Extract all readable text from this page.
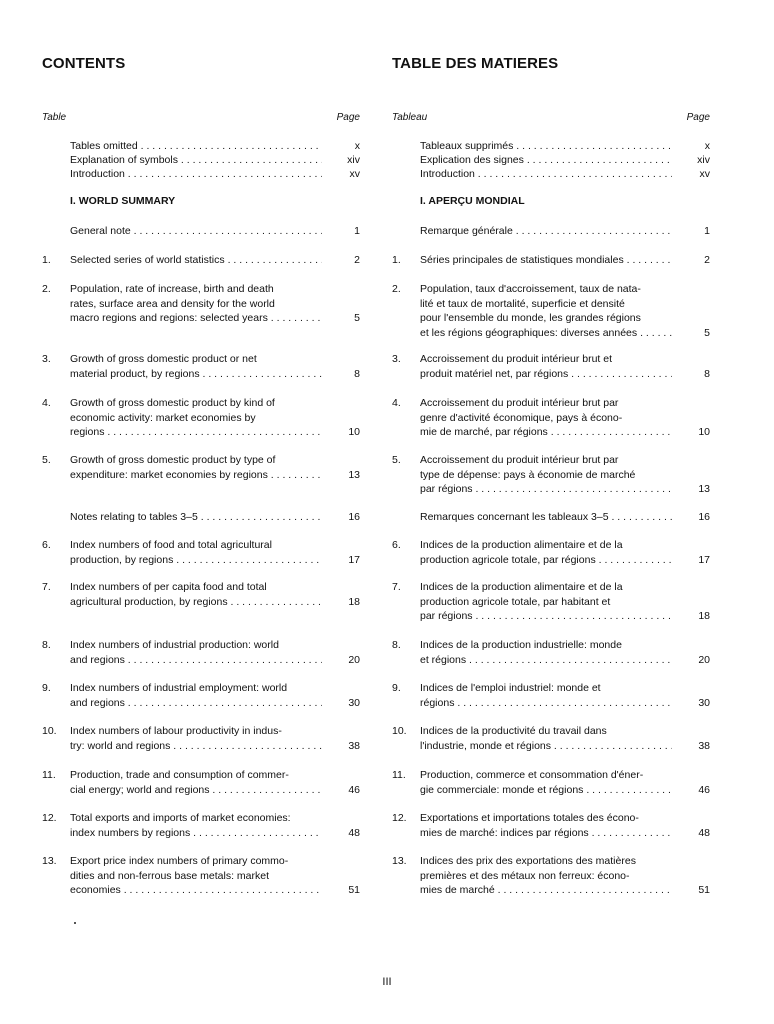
CONTENTS
Table	Page
Tables omitted . . .	x
Explanation of symbols . . .	xiv
Introduction . . .	xv
I. WORLD SUMMARY
General note . . .	1
1. Selected series of world statistics . . .	2
2. Population, rate of increase, birth and death
rates, surface area and density for the world
macro regions and regions: selected years . . .	5
3. Growth of gross domestic product or net
material product, by regions . . .	8
4. Growth of gross domestic product by kind of
economic activity: market economies by
regions . . .	10
5. Growth of gross domestic product by type of
expenditure: market economies by regions . . .	13
Notes relating to tables 3–5 . . .	16
6. Index numbers of food and total agricultural
production, by regions . . .	17
7. Index numbers of per capita food and total
agricultural production, by regions . . .	18
8. Index numbers of industrial production: world
and regions . . .	20
9. Index numbers of industrial employment: world
and regions . . .	30
10. Index numbers of labour productivity in indus-
try: world and regions . . .	38
11. Production, trade and consumption of commer-
cial energy; world and regions . . .	46
12. Total exports and imports of market economies:
index numbers by regions . . .	48
13. Export price index numbers of primary commo-
dities and non-ferrous base metals: market
economies . . .	51
TABLE DES MATIERES
Tableau	Page
Tableaux supprimés . . .	x
Explication des signes . . .	xiv
Introduction . . .	xv
I. APERÇU MONDIAL
Remarque générale . . .	1
1. Séries principales de statistiques mondiales . . .	2
2. Population, taux d'accroissement, taux de nata-
lité et taux de mortalité, superficie et densité
pour l'ensemble du monde, les grandes régions
et les régions géographiques: diverses années . . .	5
3. Accroissement du produit intérieur brut et
produit matériel net, par régions . . .	8
4. Accroissement du produit intérieur brut par
genre d'activité économique, pays à écono-
mie de marché, par régions . . .	10
5. Accroissement du produit intérieur brut par
type de dépense: pays à économie de marché
par régions . . .	13
Remarques concernant les tableaux 3–5 . . .	16
6. Indices de la production alimentaire et de la
production agricole totale, par régions . . .	17
7. Indices de la production alimentaire et de la
production agricole totale, par habitant et
par régions . . .	18
8. Indices de la production industrielle: monde
et régions . . .	20
9. Indices de l'emploi industriel: monde et
régions . . .	30
10. Indices de la productivité du travail dans
l'industrie, monde et régions . . .	38
11. Production, commerce et consommation d'éner-
gie commerciale: monde et régions . . .	46
12. Exportations et importations totales des écono-
mies de marché: indices par régions . . .	48
13. Indices des prix des exportations des matières
premières et des métaux non ferreux: écono-
mies de marché . . .	51
III
